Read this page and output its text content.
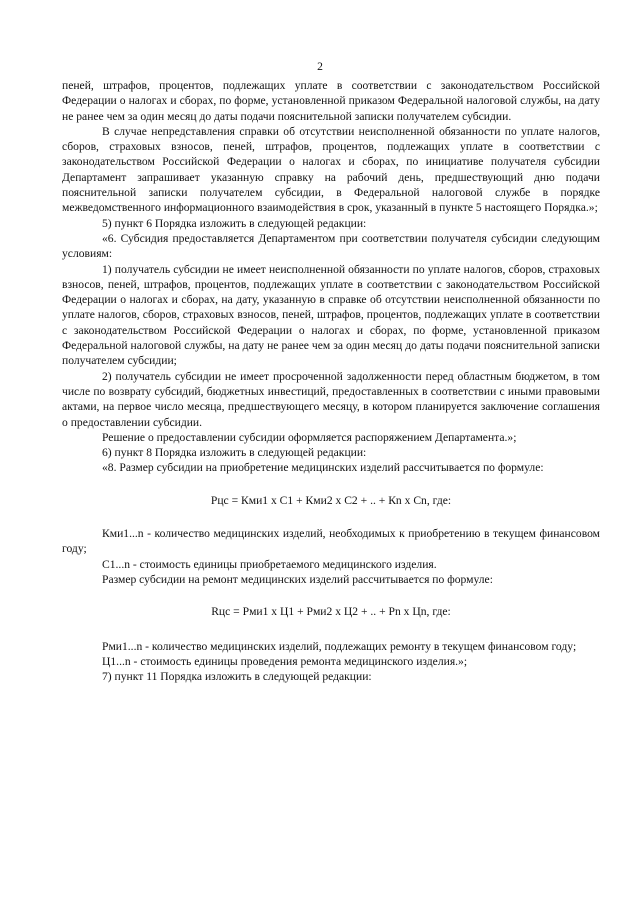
2

пеней, штрафов, процентов, подлежащих уплате в соответствии с законодательством Российской Федерации о налогах и сборах, по форме, установленной приказом Федеральной налоговой службы, на дату не ранее чем за один месяц до даты подачи пояснительной записки получателем субсидии.

В случае непредставления справки об отсутствии неисполненной обязанности по уплате налогов, сборов, страховых взносов, пеней, штрафов, процентов, подлежащих уплате в соответствии с законодательством Российской Федерации о налогах и сборах, по инициативе получателя субсидии Департамент запрашивает указанную справку на рабочий день, предшествующий дню подачи пояснительной записки получателем субсидии, в Федеральной налоговой службе в порядке межведомственного информационного взаимодействия в срок, указанный в пункте 5 настоящего Порядка.»;

5) пункт 6 Порядка изложить в следующей редакции:

«6. Субсидия предоставляется Департаментом при соответствии получателя субсидии следующим условиям:

1) получатель субсидии не имеет неисполненной обязанности по уплате налогов, сборов, страховых взносов, пеней, штрафов, процентов, подлежащих уплате в соответствии с законодательством Российской Федерации о налогах и сборах, на дату, указанную в справке об отсутствии неисполненной обязанности по уплате налогов, сборов, страховых взносов, пеней, штрафов, процентов, подлежащих уплате в соответствии с законодательством Российской Федерации о налогах и сборах, по форме, установленной приказом Федеральной налоговой службы, на дату не ранее чем за один месяц до даты подачи пояснительной записки получателем субсидии;

2) получатель субсидии не имеет просроченной задолженности перед областным бюджетом, в том числе по возврату субсидий, бюджетных инвестиций, предоставленных в соответствии с иными правовыми актами, на первое число месяца, предшествующего месяцу, в котором планируется заключение соглашения о предоставлении субсидии.

Решение о предоставлении субсидии оформляется распоряжением Департамента.»;

6) пункт 8 Порядка изложить в следующей редакции:

«8. Размер субсидии на приобретение медицинских изделий рассчитывается по формуле:

Рцс = Кми1 x С1 + Кми2 x С2 + .. + Кn x Сn, где:

Кми1...n - количество медицинских изделий, необходимых к приобретению в текущем финансовом году;

С1...n - стоимость единицы приобретаемого медицинского изделия.

Размер субсидии на ремонт медицинских изделий рассчитывается по формуле:

Rцс = Рми1 x Ц1 + Рми2 x Ц2 + .. + Рn x Цn, где:

Рми1...n - количество медицинских изделий, подлежащих ремонту в текущем финансовом году;

Ц1...n - стоимость единицы проведения ремонта медицинского изделия.»;

7) пункт 11 Порядка изложить в следующей редакции:
